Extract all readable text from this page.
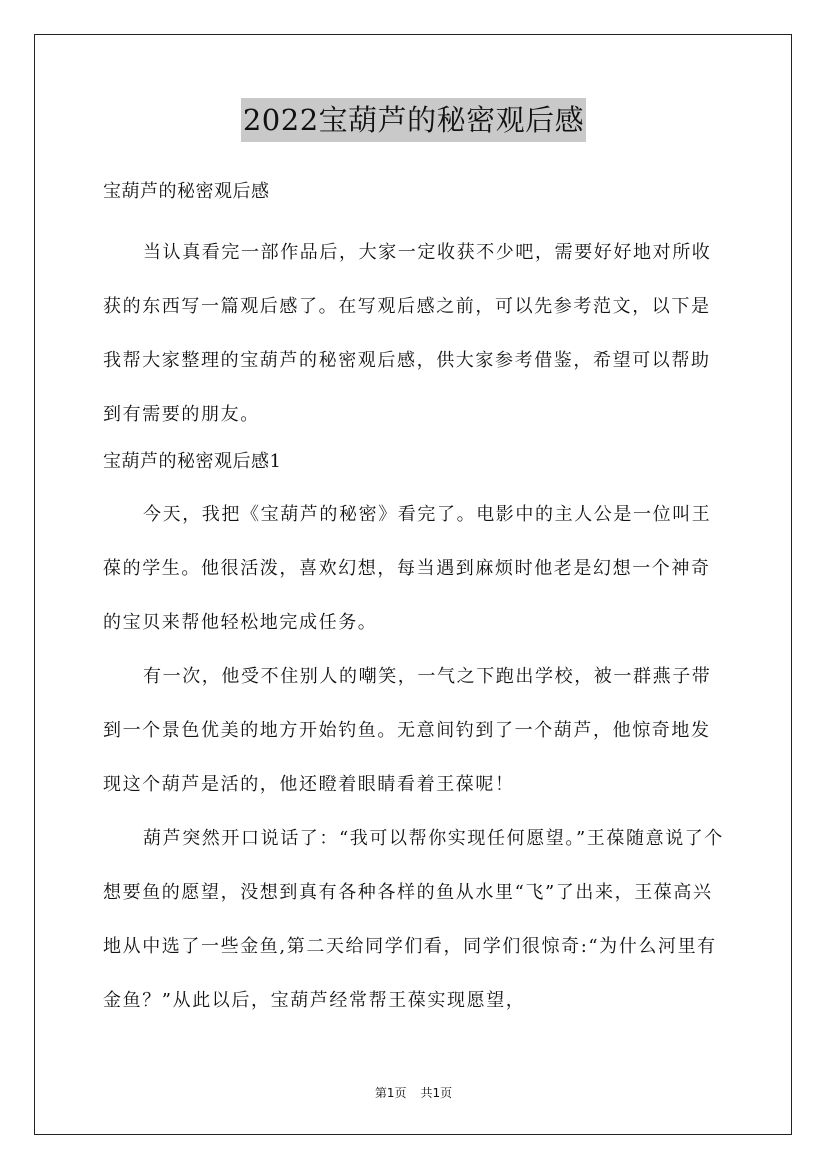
2022宝葫芦的秘密观后感

宝葫芦的秘密观后感

当认真看完一部作品后，大家一定收获不少吧，需要好好地对所收获的东西写一篇观后感了。在写观后感之前，可以先参考范文，以下是我帮大家整理的宝葫芦的秘密观后感，供大家参考借鉴，希望可以帮助到有需要的朋友。

宝葫芦的秘密观后感1

今天，我把《宝葫芦的秘密》看完了。电影中的主人公是一位叫王葆的学生。他很活泼，喜欢幻想，每当遇到麻烦时他老是幻想一个神奇的宝贝来帮他轻松地完成任务。

有一次，他受不住别人的嘲笑，一气之下跑出学校，被一群燕子带到一个景色优美的地方开始钓鱼。无意间钓到了一个葫芦，他惊奇地发现这个葫芦是活的，他还瞪着眼睛看着王葆呢！

葫芦突然开口说话了：“我可以帮你实现任何愿望。”王葆随意说了个想要鱼的愿望，没想到真有各种各样的鱼从水里“飞”了出来，王葆高兴地从中选了一些金鱼,第二天给同学们看，同学们很惊奇:“为什么河里有金鱼？”从此以后，宝葫芦经常帮王葆实现愿望，

第1页 共1页
